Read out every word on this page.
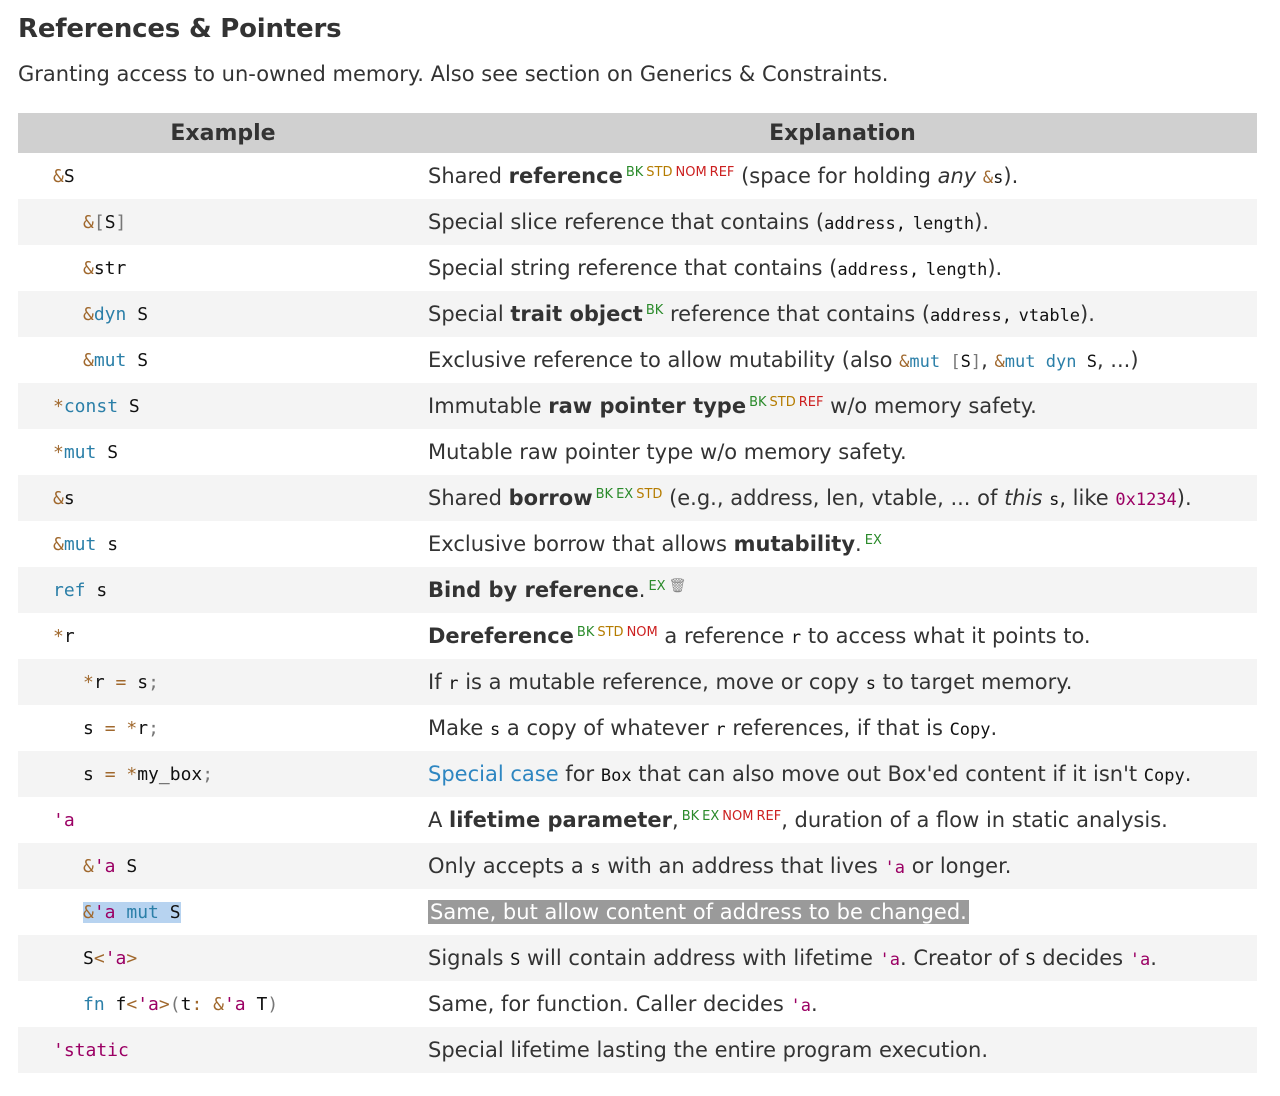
References & Pointers
Granting access to un-owned memory. Also see section on Generics & Constraints.
Example	Explanation
&S	Shared reference $^{BK}$ $^{STD}$ $^{NOM}$ $^{REF}$ (space for holding any &s).
&[S]	Special slice reference that contains (address, length).
&str	Special string reference that contains (address, length).
&dyn S	Special trait object $^{BK}$ reference that contains (address, vtable).
&mut S	Exclusive reference to allow mutability (also &mut [S], &mut dyn S, ...)
*const S	Immutable raw pointer type $^{BK}$ $^{STD}$ $^{REF}$ w/o memory safety.
*mut S	Mutable raw pointer type w/o memory safety.
&s	Shared borrow $^{BK}$ $^{EX}$ $^{STD}$ (e.g., address, len, vtable, ... of this s, like 0x1234).
&mut s	Exclusive borrow that allows mutability. $^{EX}$
ref s	Bind by reference. $^{EX}$ 🗑
*r	Dereference $^{BK}$ $^{STD}$ $^{NOM}$ a reference r to access what it points to.
*r = s;	If r is a mutable reference, move or copy s to target memory.
s = *r;	Make s a copy of whatever r references, if that is Copy.
s = *my_box;	Special case for Box that can also move out Box'ed content if it isn't Copy.
'a	A lifetime parameter, $^{BK}$ $^{EX}$ $^{NOM}$ $^{REF}$, duration of a flow in static analysis.
&'a S	Only accepts a s with an address that lives 'a or longer.
&'a mut S	Same, but allow content of address to be changed.
S<'a>	Signals S will contain address with lifetime 'a. Creator of S decides 'a.
fn f<'a>(t: &'a T)	Same, for function. Caller decides 'a.
'static	Special lifetime lasting the entire program execution.
